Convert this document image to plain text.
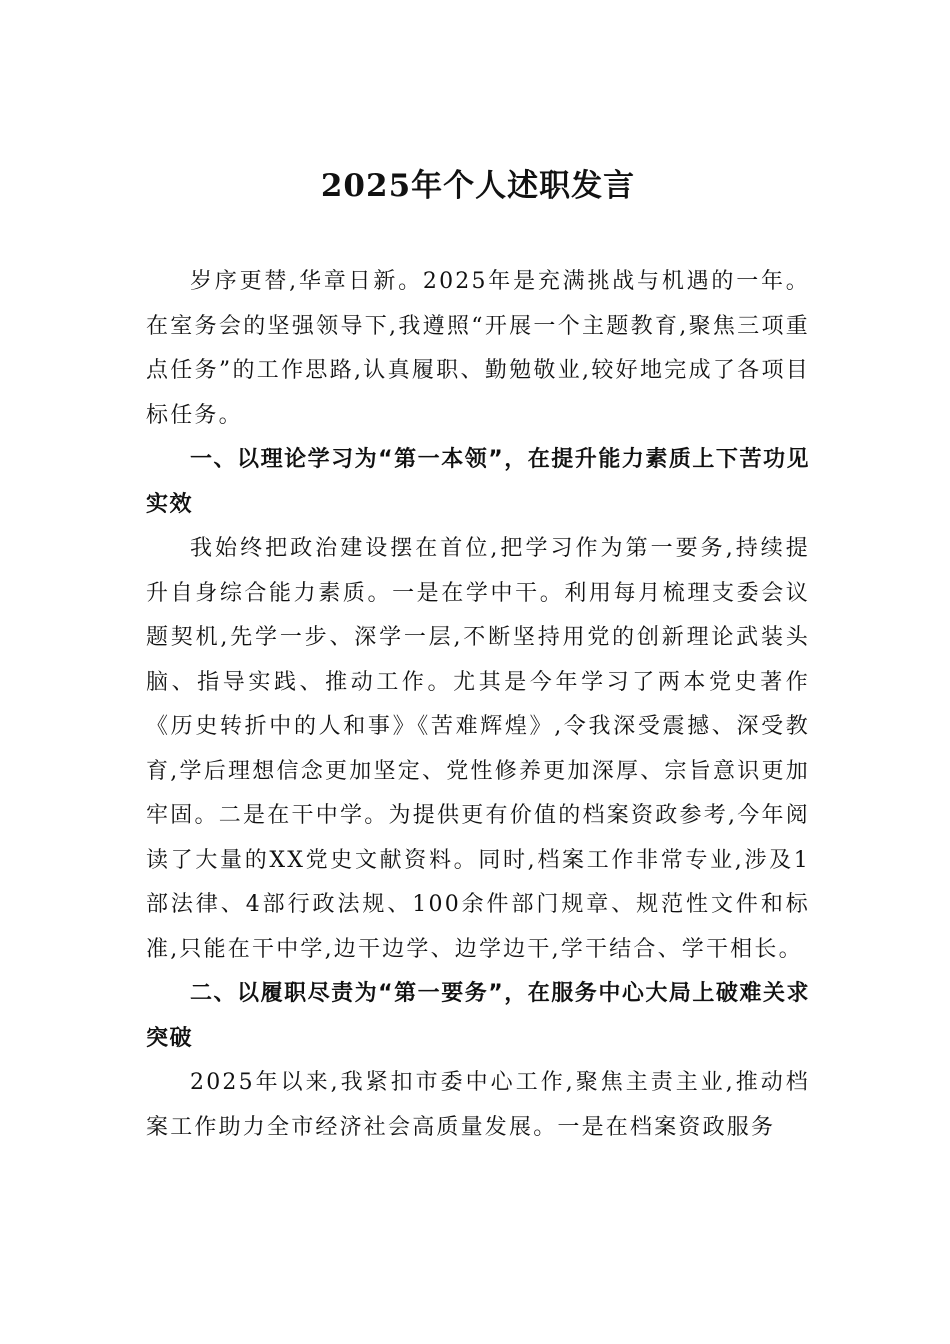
2025年个人述职发言

岁序更替,华章日新。2025年是充满挑战与机遇的一年。在室务会的坚强领导下,我遵照“开展一个主题教育,聚焦三项重点任务”的工作思路,认真履职、勤勉敬业,较好地完成了各项目标任务。

一、以理论学习为“第一本领”，在提升能力素质上下苦功见实效

我始终把政治建设摆在首位,把学习作为第一要务,持续提升自身综合能力素质。一是在学中干。利用每月梳理支委会议题契机,先学一步、深学一层,不断坚持用党的创新理论武装头脑、指导实践、推动工作。尤其是今年学习了两本党史著作《历史转折中的人和事》《苦难辉煌》,令我深受震撼、深受教育,学后理想信念更加坚定、党性修养更加深厚、宗旨意识更加牢固。二是在干中学。为提供更有价值的档案资政参考,今年阅读了大量的XX党史文献资料。同时,档案工作非常专业,涉及1部法律、4部行政法规、100余件部门规章、规范性文件和标准,只能在干中学,边干边学、边学边干,学干结合、学干相长。

二、以履职尽责为“第一要务”，在服务中心大局上破难关求突破

2025年以来,我紧扣市委中心工作,聚焦主责主业,推动档案工作助力全市经济社会高质量发展。一是在档案资政服务
